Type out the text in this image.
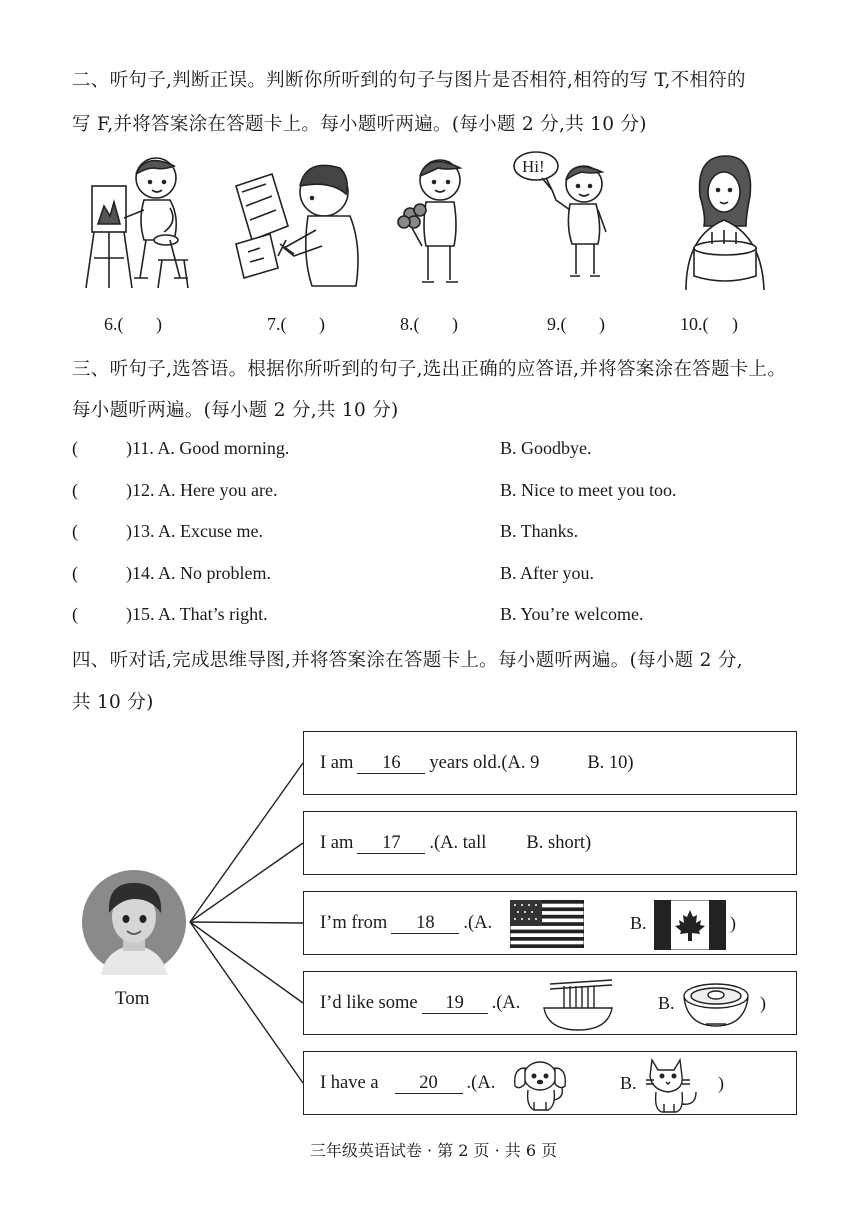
二、听句子,判断正误。判断你所听到的句子与图片是否相符,相符的写 T,不相符的
写 F,并将答案涂在答题卡上。每小题听两遍。(每小题 2 分,共 10 分)
Hi!
6.( )	7.( )	8.( )	9.( )	10.( )
三、听句子,选答语。根据你所听到的句子,选出正确的应答语,并将答案涂在答题卡上。
每小题听两遍。(每小题 2 分,共 10 分)
(	)11. A. Good morning.	B. Goodbye.
(	)12. A. Here you are.	B. Nice to meet you too.
(	)13. A. Excuse me.	B. Thanks.
(	)14. A. No problem.	B. After you.
(	)15. A. That’s right.	B. You’re welcome.
四、听对话,完成思维导图,并将答案涂在答题卡上。每小题听两遍。(每小题 2 分,
共 10 分)
Tom
I am 16 years old.(A. 9	B. 10)
I am 17 .(A. tall B. short)
I’m from 18 .(A.	B.	)
I’d like some 19 .(A.	B.	)
I have a 20 .(A.	B.	)
三年级英语试卷 · 第 2 页 · 共 6 页
